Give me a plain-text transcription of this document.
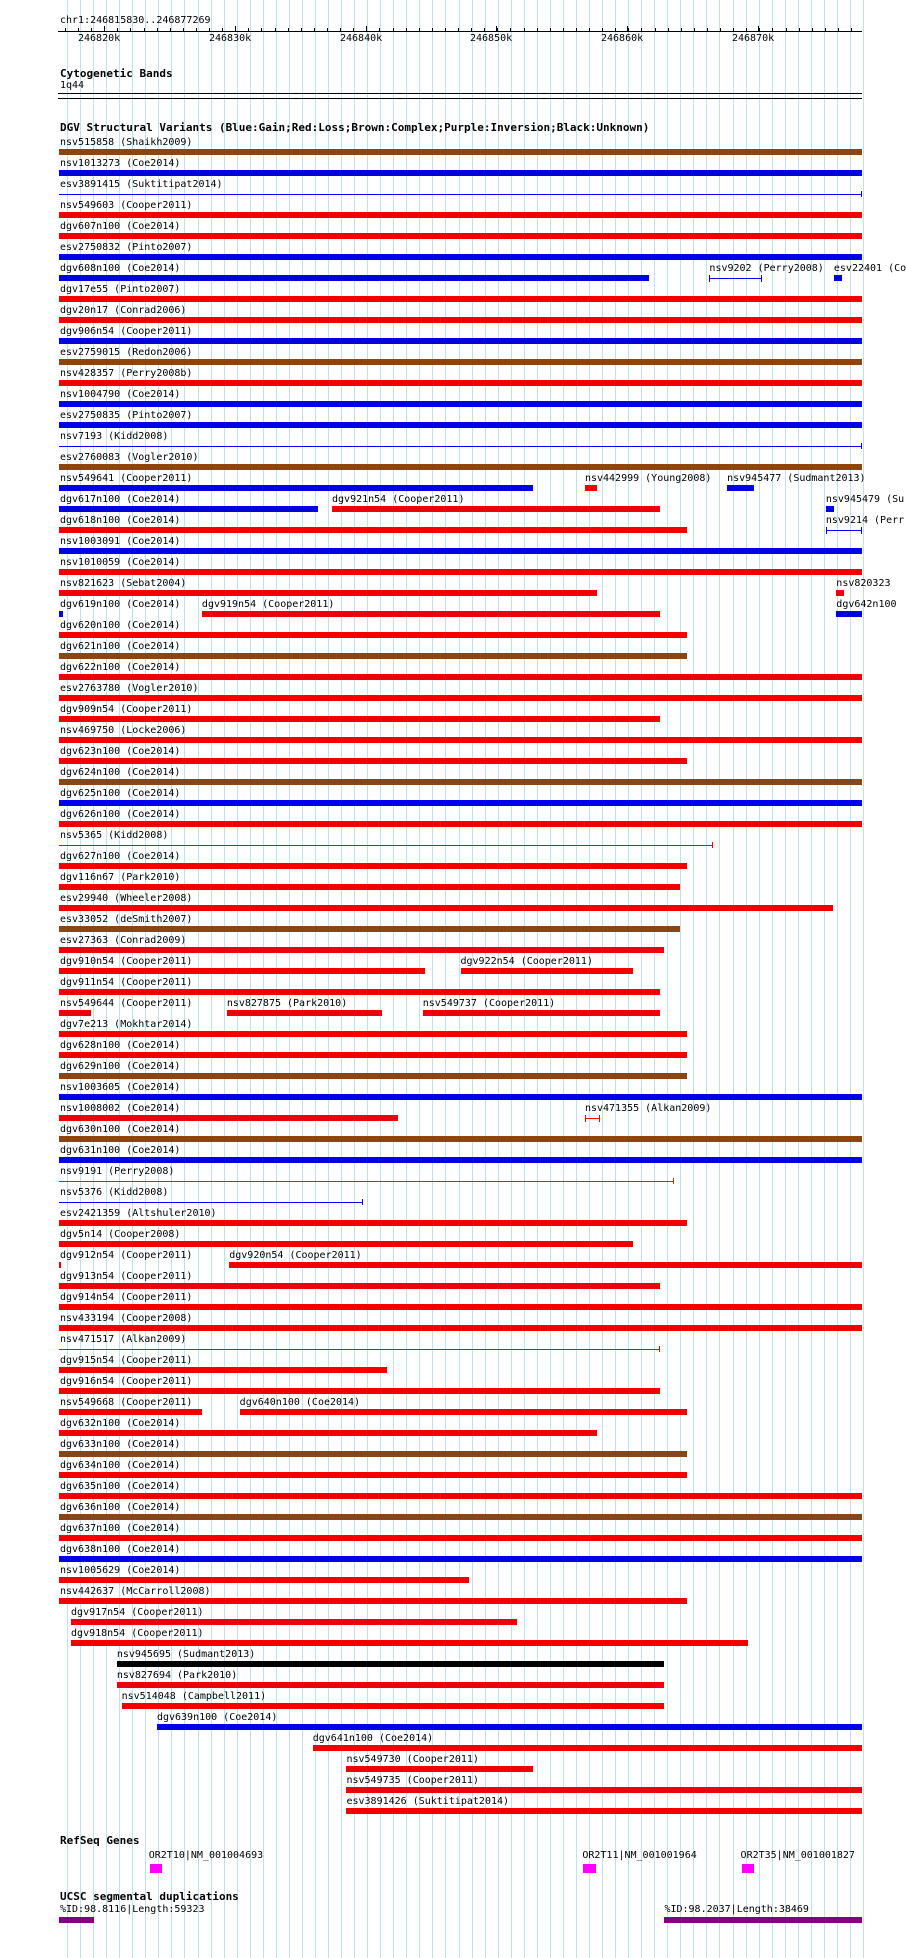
chr1:246815830..246877269
246820k	246830k	246840k	246850k	246860k	246870k
Cytogenetic Bands
1q44
DGV Structural Variants (Blue:Gain;Red:Loss;Brown:Complex;Purple:Inversion;Black:Unknown)
nsv515858 (Shaikh2009)
nsv1013273 (Coe2014)
esv3891415 (Suktitipat2014)
nsv549603 (Cooper2011)
dgv607n100 (Coe2014)
esv2750832 (Pinto2007)
dgv608n100 (Coe2014)	nsv9202 (Perry2008) esv22401 (Co
dgv17e55 (Pinto2007)
dgv20n17 (Conrad2006)
dgv906n54 (Cooper2011)
esv2759015 (Redon2006)
nsv428357 (Perry2008b)
nsv1004790 (Coe2014)
esv2750835 (Pinto2007)
nsv7193 (Kidd2008)
esv2760083 (Vogler2010)
nsv549641 (Cooper2011)	nsv442999 (Young2008) nsv945477 (Sudmant2013)
dgv617n100 (Coe2014)	dgv921n54 (Cooper2011)	nsv945479 (Su
dgv618n100 (Coe2014)	nsv9214 (Perr
nsv1003091 (Coe2014)
nsv1010059 (Coe2014)
nsv821623 (Sebat2004)	nsv820323
dgv619n100 (Coe2014) dgv919n54 (Cooper2011)	dgv642n100
dgv620n100 (Coe2014)
dgv621n100 (Coe2014)
dgv622n100 (Coe2014)
esv2763780 (Vogler2010)
dgv909n54 (Cooper2011)
nsv469750 (Locke2006)
dgv623n100 (Coe2014)
dgv624n100 (Coe2014)
dgv625n100 (Coe2014)
dgv626n100 (Coe2014)
nsv5365 (Kidd2008)
dgv627n100 (Coe2014)
dgv116n67 (Park2010)
esv29940 (Wheeler2008)
esv33052 (deSmith2007)
esv27363 (Conrad2009)
dgv910n54 (Cooper2011)	dgv922n54 (Cooper2011)
dgv911n54 (Cooper2011)
nsv549644 (Cooper2011)	nsv827875 (Park2010)	nsv549737 (Cooper2011)
dgv7e213 (Mokhtar2014)
dgv628n100 (Coe2014)
dgv629n100 (Coe2014)
nsv1003605 (Coe2014)
nsv1008002 (Coe2014)	nsv471355 (Alkan2009)
dgv630n100 (Coe2014)
dgv631n100 (Coe2014)
nsv9191 (Perry2008)
nsv5376 (Kidd2008)
esv2421359 (Altshuler2010)
dgv5n14 (Cooper2008)
dgv912n54 (Cooper2011)	dgv920n54 (Cooper2011)
dgv913n54 (Cooper2011)
dgv914n54 (Cooper2011)
nsv433194 (Cooper2008)
nsv471517 (Alkan2009)
dgv915n54 (Cooper2011)
dgv916n54 (Cooper2011)
nsv549668 (Cooper2011)	dgv640n100 (Coe2014)
dgv632n100 (Coe2014)
dgv633n100 (Coe2014)
dgv634n100 (Coe2014)
dgv635n100 (Coe2014)
dgv636n100 (Coe2014)
dgv637n100 (Coe2014)
dgv638n100 (Coe2014)
nsv1005629 (Coe2014)
nsv442637 (McCarroll2008)
dgv917n54 (Cooper2011)
dgv918n54 (Cooper2011)
nsv945695 (Sudmant2013)
nsv827694 (Park2010)
nsv514048 (Campbell2011)
dgv639n100 (Coe2014)
dgv641n100 (Coe2014)
nsv549730 (Cooper2011)
nsv549735 (Cooper2011)
esv3891426 (Suktitipat2014)
RefSeq Genes
OR2T10|NM_001004693	OR2T11|NM_001001964	OR2T35|NM_001001827
UCSC segmental duplications
%ID:98.8116|Length:59323	%ID:98.2037|Length:38469
